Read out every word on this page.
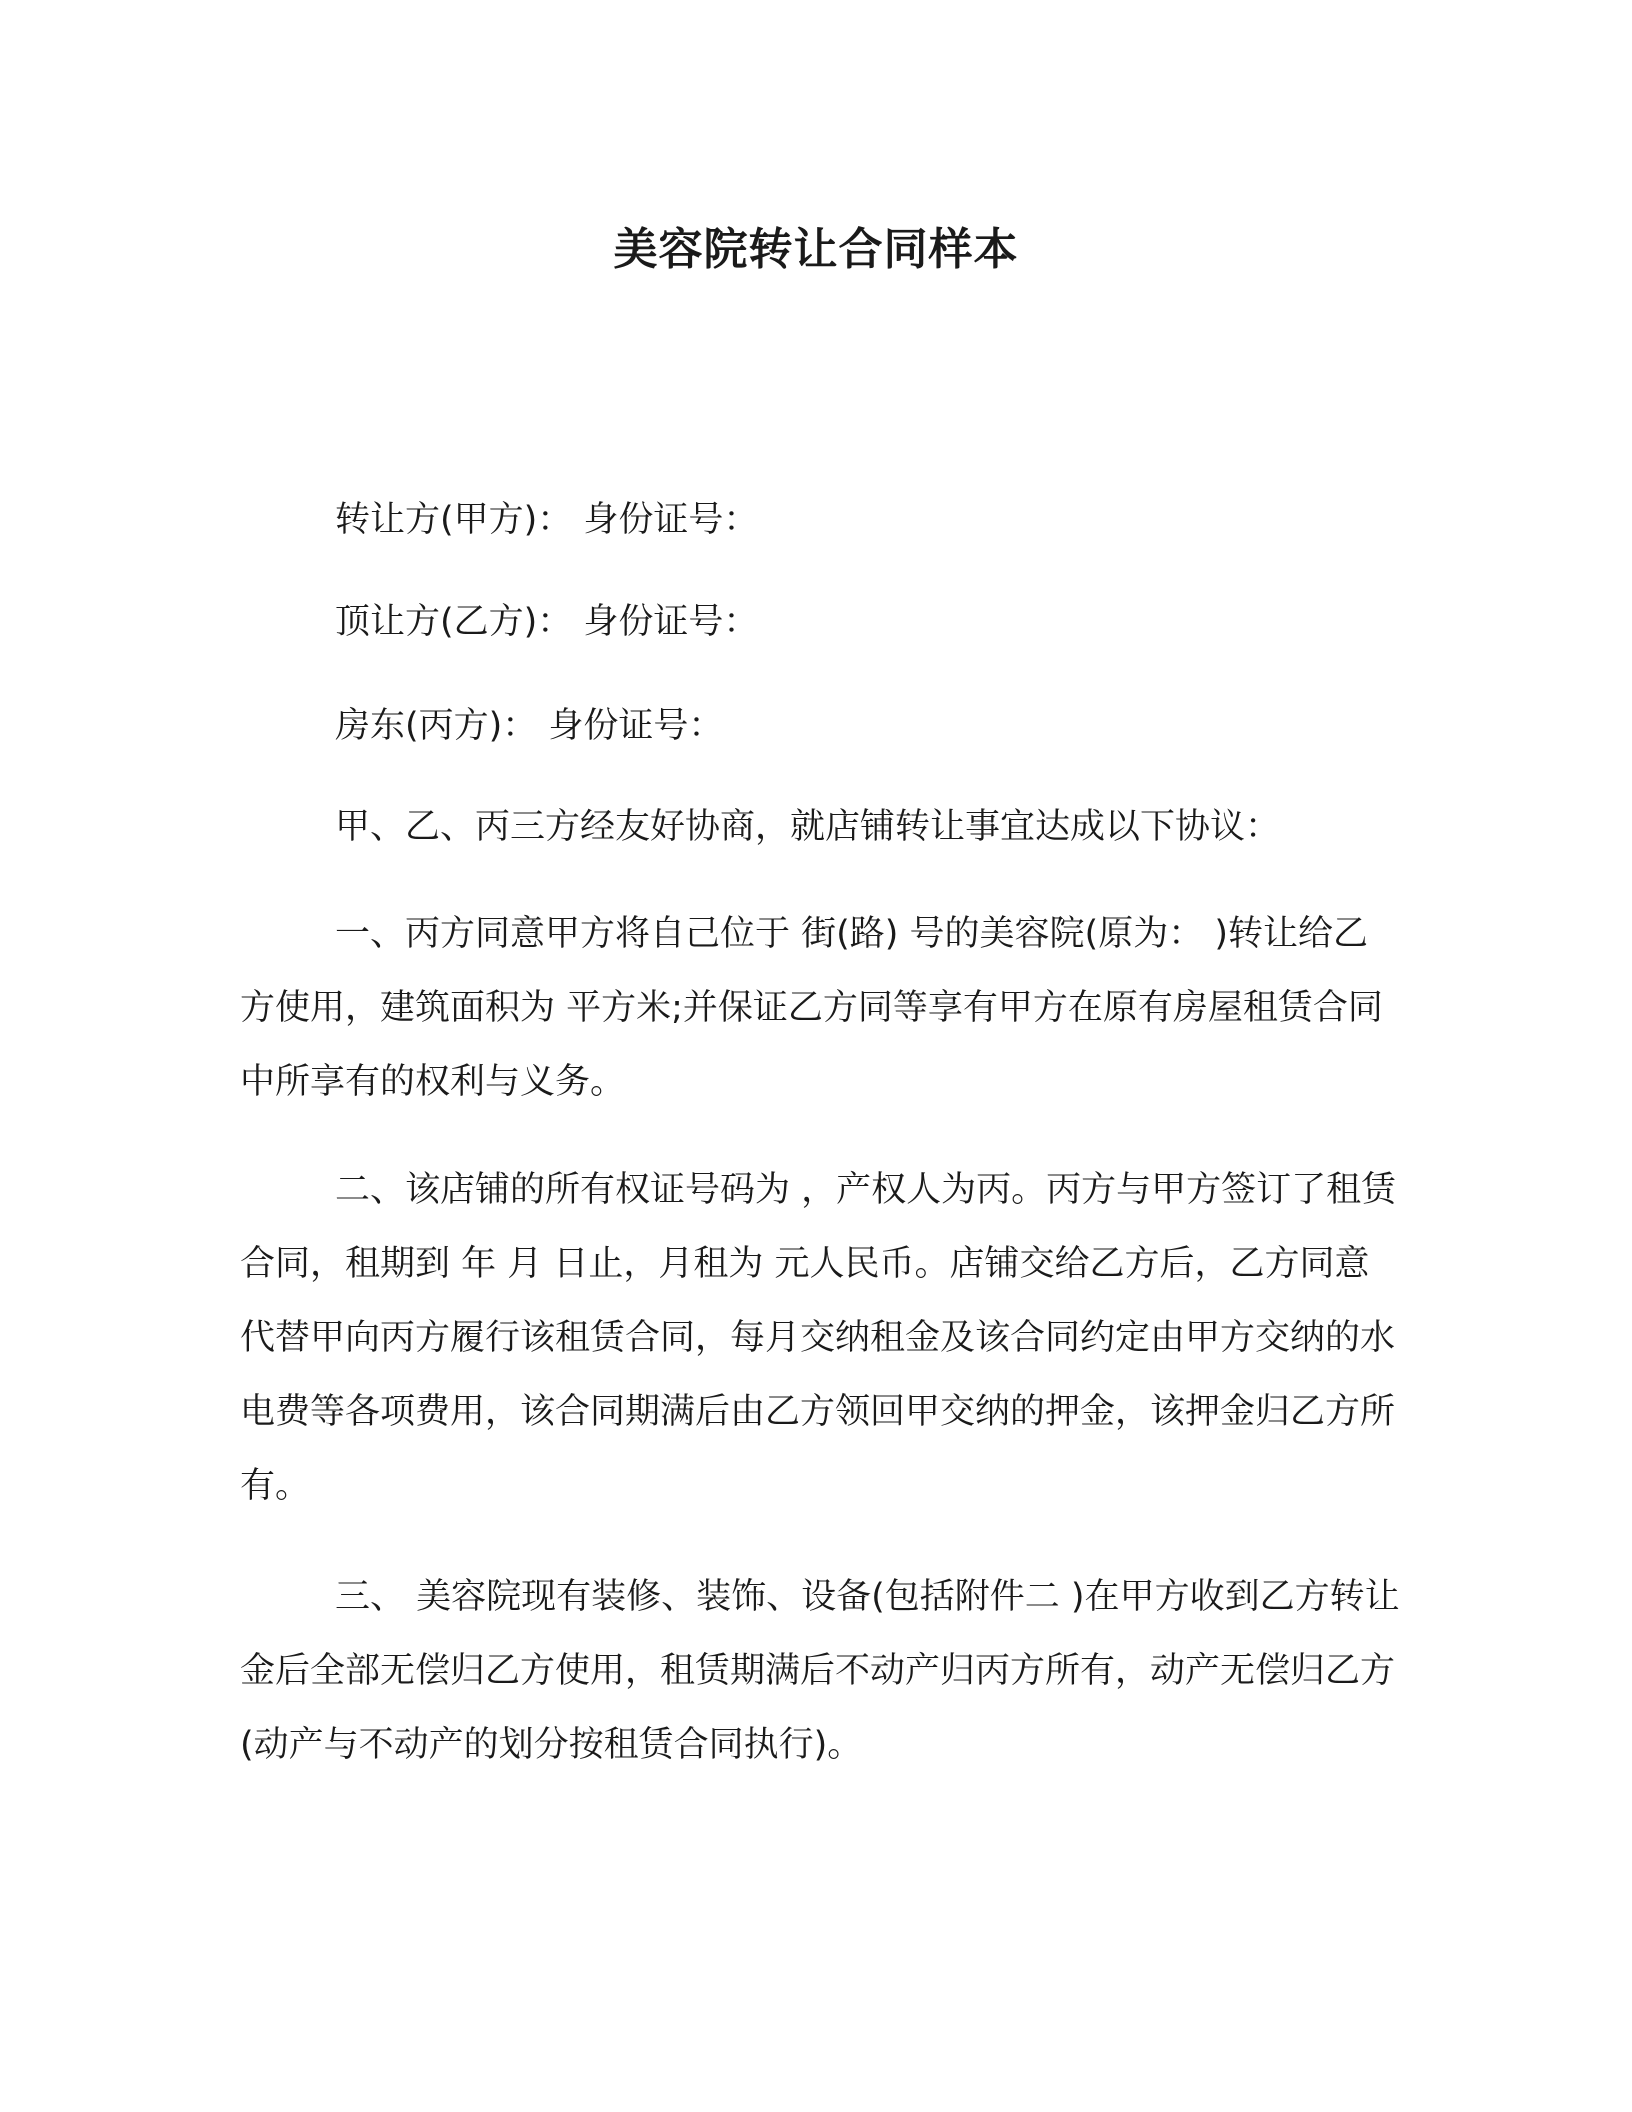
美容院转让合同样本
转让方(甲方)： 身份证号：
顶让方(乙方)： 身份证号：
房东(丙方)： 身份证号：
甲、乙、丙三方经友好协商，就店铺转让事宜达成以下协议：

一、丙方同意甲方将自己位于 街(路) 号的美容院(原为： )转让给乙方使用，建筑面积为 平方米;并保证乙方同等享有甲方在原有房屋租赁合同中所享有的权利与义务。

二、该店铺的所有权证号码为 ，产权人为丙。丙方与甲方签订了租赁合同，租期到 年 月 日止，月租为 元人民币。店铺交给乙方后，乙方同意代替甲向丙方履行该租赁合同，每月交纳租金及该合同约定由甲方交纳的水电费等各项费用，该合同期满后由乙方领回甲交纳的押金，该押金归乙方所有。

三、 美容院现有装修、装饰、设备(包括附件二 )在甲方收到乙方转让金后全部无偿归乙方使用，租赁期满后不动产归丙方所有，动产无偿归乙方(动产与不动产的划分按租赁合同执行)。
